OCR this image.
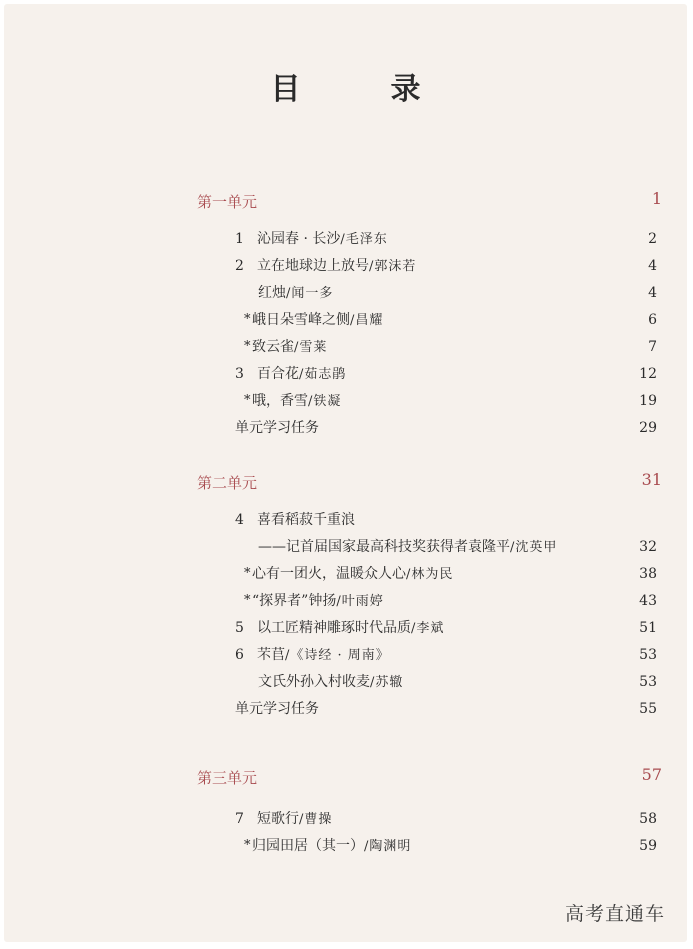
目　录
第一单元	1
1 沁园春 · 长沙/毛泽东	2
2 立在地球边上放号/郭沫若	4
红烛/闻一多	4
* 峨日朵雪峰之侧/昌耀	6
* 致云雀/雪莱	7
3 百合花/茹志鹃	12
* 哦，香雪/铁凝	19
单元学习任务	29
第二单元	31
4 喜看稻菽千重浪
——记首届国家最高科技奖获得者袁隆平/沈英甲	32
* 心有一团火，温暖众人心/林为民	38
* “探界者”钟扬/叶雨婷	43
5 以工匠精神雕琢时代品质/李斌	51
6 芣苢/《诗经 · 周南》	53
文氏外孙入村收麦/苏辙	53
单元学习任务	55
第三单元	57
7 短歌行/曹操	58
* 归园田居（其一）/陶渊明	59
高考直通车
